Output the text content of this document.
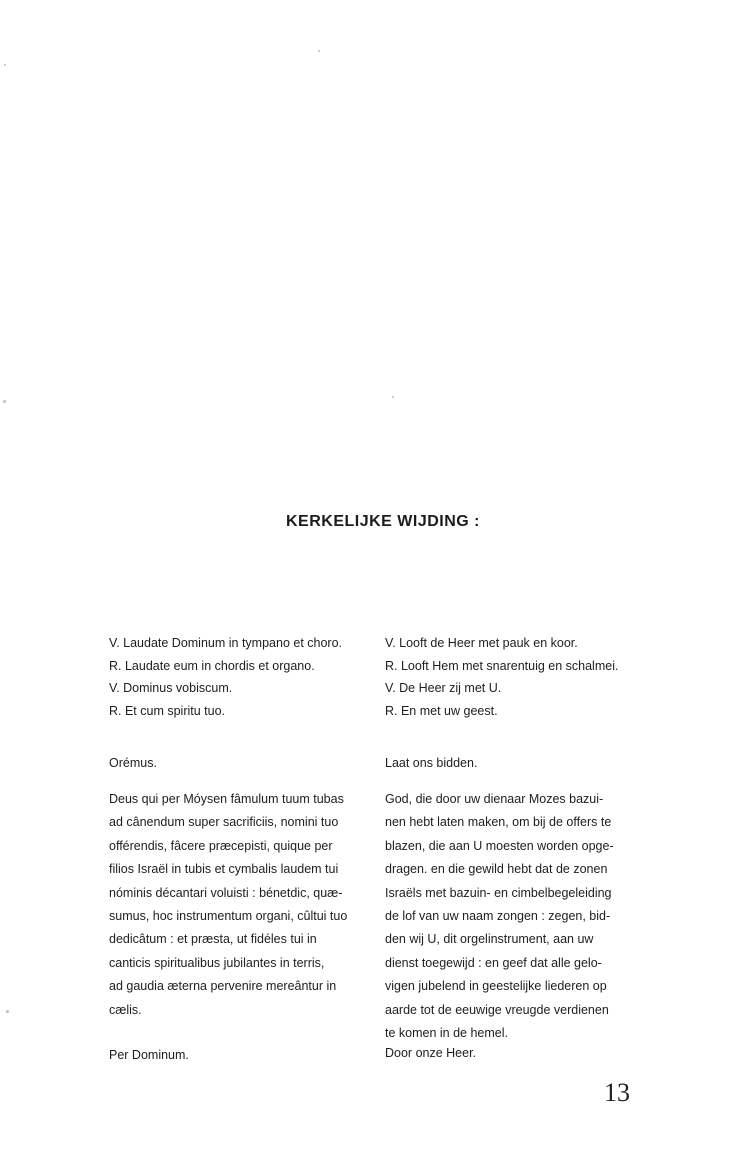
KERKELIJKE WIJDING :
V. Laudate Dominum in tympano et choro.
R. Laudate eum in chordis et organo.
V. Dominus vobiscum.
R. Et cum spiritu tuo.
Orémus.
Deus qui per Móysen fâmulum tuum tubas
ad cânendum super sacrificiis, nomini tuo
offérendis, fâcere præcepisti, quique per
filios Israël in tubis et cymbalis laudem tui
nóminis décantari voluisti : bénetdic, quæ-
sumus, hoc instrumentum organi, cûltui tuo
dedicâtum : et præsta, ut fidéles tui in
canticis spiritualibus jubilantes in terris,
ad gaudia æterna pervenire mereântur in
cælis.
Per Dominum.
V. Looft de Heer met pauk en koor.
R. Looft Hem met snarentuig en schalmei.
V. De Heer zij met U.
R. En met uw geest.
Laat ons bidden.
God, die door uw dienaar Mozes bazui-
nen hebt laten maken, om bij de offers te
blazen, die aan U moesten worden opge-
dragen. en die gewild hebt dat de zonen
Israëls met bazuin- en cimbelbegeleiding
de lof van uw naam zongen : zegen, bid-
den wij U, dit orgelinstrument, aan uw
dienst toegewijd : en geef dat alle gelo-
vigen jubelend in geestelijke liederen op
aarde tot de eeuwige vreugde verdienen
te komen in de hemel.
Door onze Heer.
13
